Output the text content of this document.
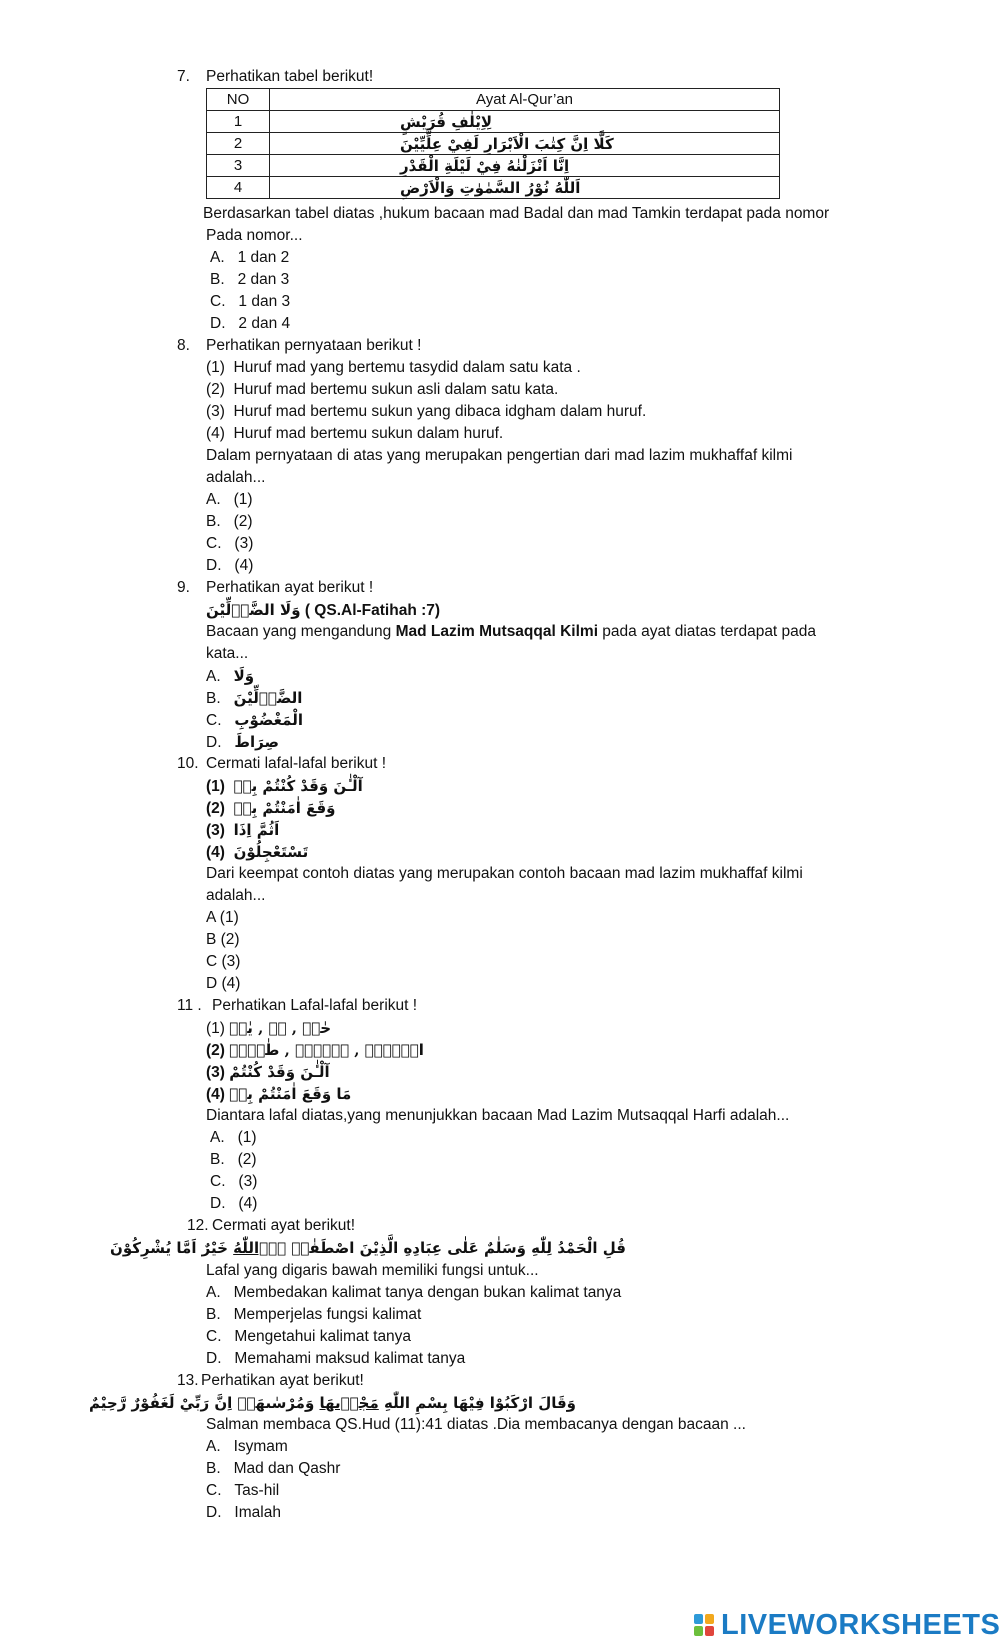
7. Perhatikan tabel berikut!
NO	Ayat Al-Qur’an
1	لِاِيْلٰفِ قُرَيْشٍ
2	كَلَّا اِنَّ كِتٰبَ الْاَبْرَارِ لَفِيْ عِلِّيِّيْنَ
3	اِنَّا اَنْزَلْنٰهُ فِيْ لَيْلَةِ الْقَدْرِ
4	اَللّٰهُ نُوْرُ السَّمٰوٰتِ وَالْاَرْضِ
Berdasarkan tabel diatas ,hukum bacaan mad Badal dan mad Tamkin terdapat pada nomor
Pada nomor...
A.   1 dan 2
B.   2 dan 3
C.   1 dan 3
D.   2 dan 4
8. Perhatikan pernyataan berikut !
(1)  Huruf mad yang bertemu tasydid dalam satu kata .
(2)  Huruf mad bertemu sukun asli dalam satu kata.
(3)  Huruf mad bertemu sukun yang dibaca idgham dalam huruf.
(4)  Huruf mad bertemu sukun dalam huruf.
Dalam pernyataan di atas yang merupakan pengertian dari mad lazim mukhaffaf kilmi
adalah...
A.   (1)
B.   (2)
C.   (3)
D.   (4)
9. Perhatikan ayat berikut !
وَلَا الضَّاۤلِّيْنَ ( QS.Al-Fatihah :7)
Bacaan yang mengandung Mad Lazim Mutsaqqal Kilmi pada ayat diatas terdapat pada
kata...
A. وَلَا
B. الضَّاۤلِّيْنَ
C. الْمَغْضُوْبِ
D. صِرَاطَ
10. Cermati lafal-lafal berikut !
(1) آلْـٰٔنَ وَقَدْ كُنْتُمْ بِهٖ
(2) وَقَعَ اٰمَنْتُمْ بِهٖ
(3) اَثُمَّ اِذَا
(4) تَسْتَعْجِلُوْنَ
Dari keempat contoh diatas yang merupakan contoh bacaan mad lazim mukhaffaf kilmi
adalah...
A (1)
B (2)
C (3)
D (4)
11 . Perhatikan Lafal-lafal berikut !
(1) حٰمۤ , قۤ , يٰسۤ
(2) الۤمۤصۤ , عۤسۤقۤ , طٰسۤمۤ
(3) آلْـٰٔنَ وَقَدْ كُنْتُمْ
(4) مَا وَقَعَ اٰمَنْتُمْ بِهٖ
Diantara lafal diatas,yang menunjukkan bacaan Mad Lazim Mutsaqqal Harfi adalah...
A.   (1)
B.   (2)
C.   (3)
D.   (4)
12. Cermati ayat berikut!
قُلِ الْحَمْدُ لِلّٰهِ وَسَلٰمٌ عَلٰى عِبَادِهِ الَّذِيْنَ اصْطَفٰىۗ ءٰۤاللّٰهُ خَيْرٌ اَمَّا يُشْرِكُوْنَ
Lafal yang digaris bawah memiliki fungsi untuk...
A.   Membedakan kalimat tanya dengan bukan kalimat tanya
B.   Memperjelas fungsi kalimat
C.   Mengetahui kalimat tanya
D.   Memahami maksud kalimat tanya
13. Perhatikan ayat berikut!
وَقَالَ ارْكَبُوْا فِيْهَا بِسْمِ اللّٰهِ مَجْرٖىهَا وَمُرْسٰىهَاۗ اِنَّ رَبِّيْ لَغَفُوْرٌ رَّحِيْمٌ
Salman membaca QS.Hud (11):41 diatas .Dia membacanya dengan bacaan ...
A.   Isymam
B.   Mad dan Qashr
C.   Tas-hil
D.   Imalah
LIVEWORKSHEETS
